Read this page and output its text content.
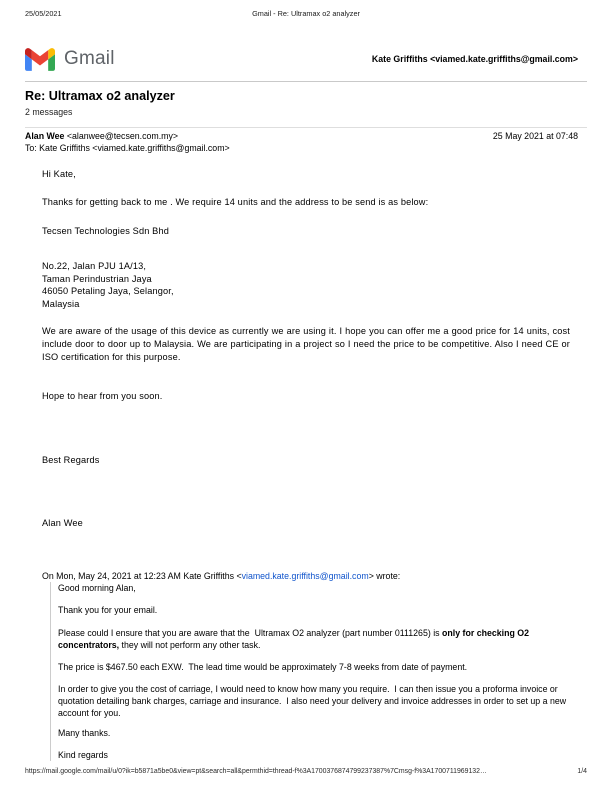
25/05/2021	Gmail - Re: Ultramax o2 analyzer
Gmail	Kate Griffiths <viamed.kate.griffiths@gmail.com>
Re: Ultramax o2 analyzer
2 messages
Alan Wee <alanwee@tecsen.com.my>	25 May 2021 at 07:48
To: Kate Griffiths <viamed.kate.griffiths@gmail.com>

Hi Kate,

Thanks for getting back to me . We require 14 units and the address to be send is as below:

Tecsen Technologies Sdn Bhd

No.22, Jalan PJU 1A/13,

Taman Perindustrian Jaya

46050 Petaling Jaya, Selangor,

Malaysia

We are aware of the usage of this device as currently we are using it. I hope you can offer me a good price for 14 units, cost include door to door up to Malaysia. We are participating in a project so I need the price to be competitive. Also I need CE or ISO certification for this purpose.

Hope to hear from you soon.

Best Regards

Alan Wee

On Mon, May 24, 2021 at 12:23 AM Kate Griffiths <viamed.kate.griffiths@gmail.com> wrote:

Good morning Alan,

Thank you for your email.

Please could I ensure that you are aware that the  Ultramax O2 analyzer (part number 0111265) is only for checking O2 concentrators, they will not perform any other task.

The price is $467.50 each EXW.  The lead time would be approximately 7-8 weeks from date of payment.

In order to give you the cost of carriage, I would need to know how many you require.  I can then issue you a proforma invoice or quotation detailing bank charges, carriage and insurance.  I also need your delivery and invoice addresses in order to set up a new account for you.

Many thanks.

Kind regards

https://mail.google.com/mail/u/0?ik=b5871a5be0&view=pt&search=all&permthid=thread-f%3A1700376874799237387%7Cmsg-f%3A1700711969132…	1/4
